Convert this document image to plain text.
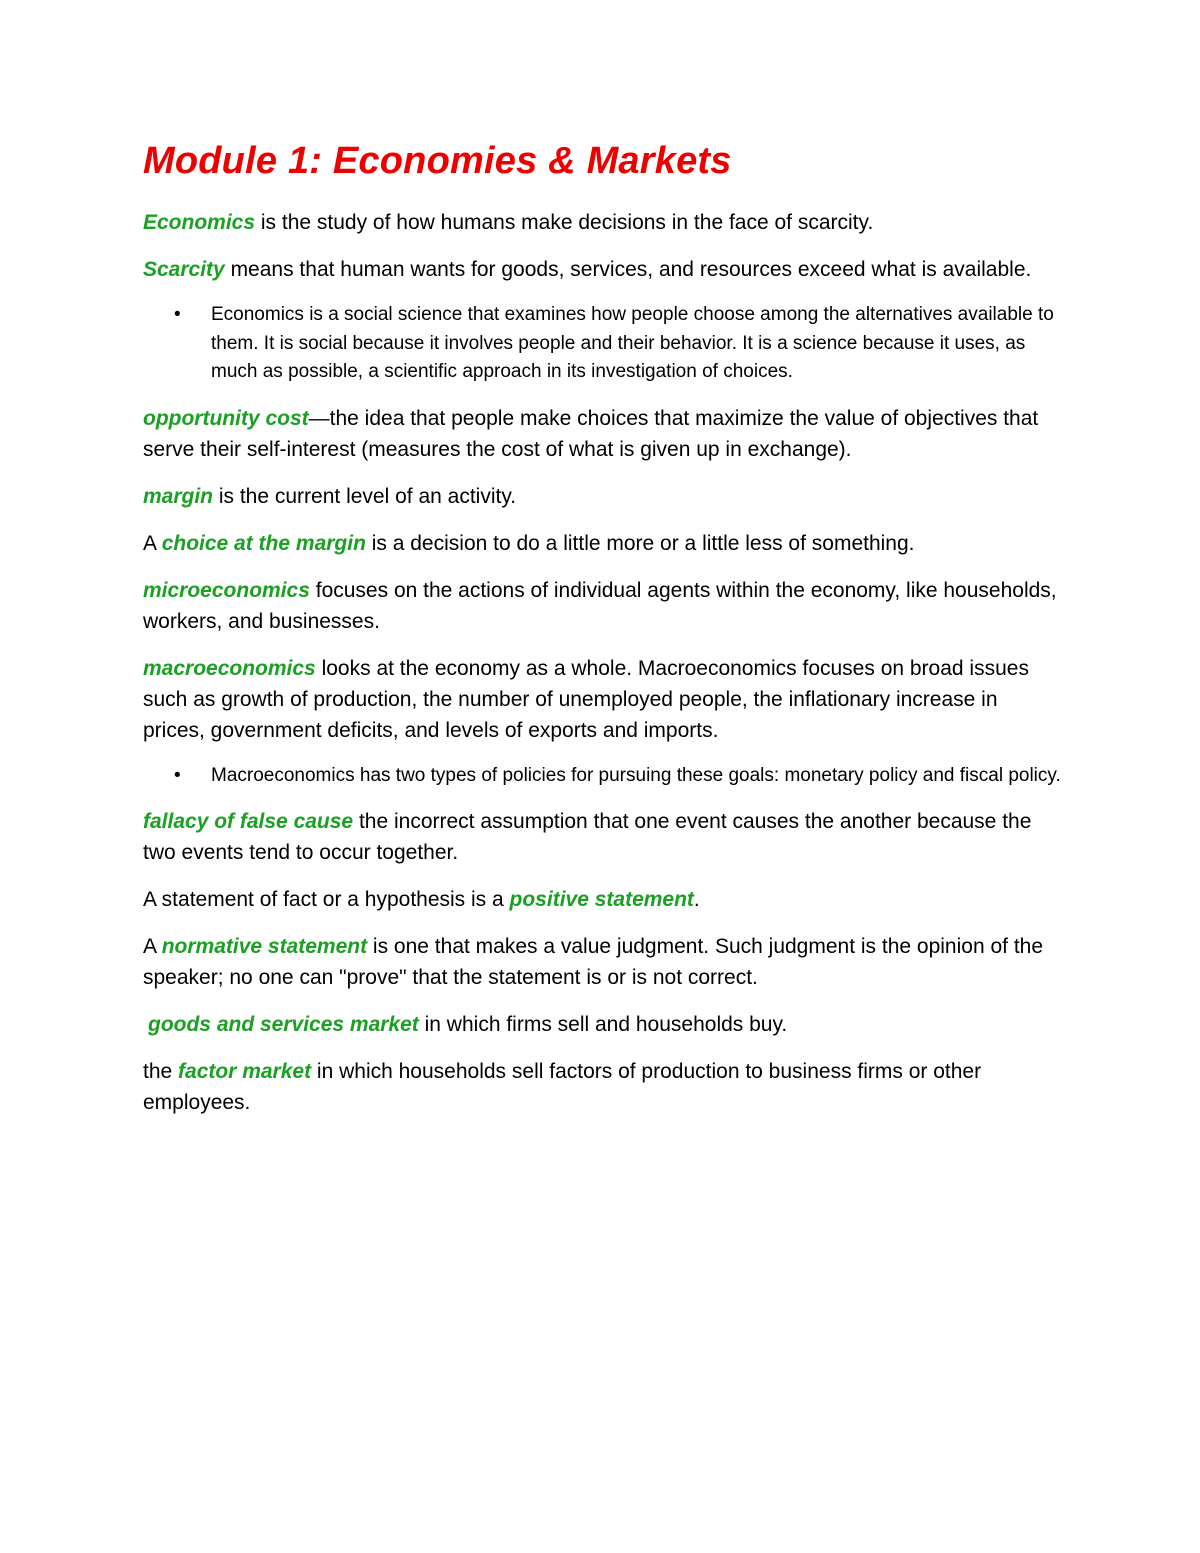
Module 1: Economies & Markets

Economics is the study of how humans make decisions in the face of scarcity.

Scarcity means that human wants for goods, services, and resources exceed what is available.

• Economics is a social science that examines how people choose among the alternatives available to them. It is social because it involves people and their behavior. It is a science because it uses, as much as possible, a scientific approach in its investigation of choices.

opportunity cost—the idea that people make choices that maximize the value of objectives that serve their self-interest (measures the cost of what is given up in exchange).

margin is the current level of an activity.

A choice at the margin is a decision to do a little more or a little less of something.

microeconomics focuses on the actions of individual agents within the economy, like households, workers, and businesses.

macroeconomics looks at the economy as a whole. Macroeconomics focuses on broad issues such as growth of production, the number of unemployed people, the inflationary increase in prices, government deficits, and levels of exports and imports.

• Macroeconomics has two types of policies for pursuing these goals: monetary policy and fiscal policy.

fallacy of false cause the incorrect assumption that one event causes the another because the two events tend to occur together.

A statement of fact or a hypothesis is a positive statement.

A normative statement is one that makes a value judgment. Such judgment is the opinion of the speaker; no one can "prove" that the statement is or is not correct.

goods and services market in which firms sell and households buy.

the factor market in which households sell factors of production to business firms or other employees.
